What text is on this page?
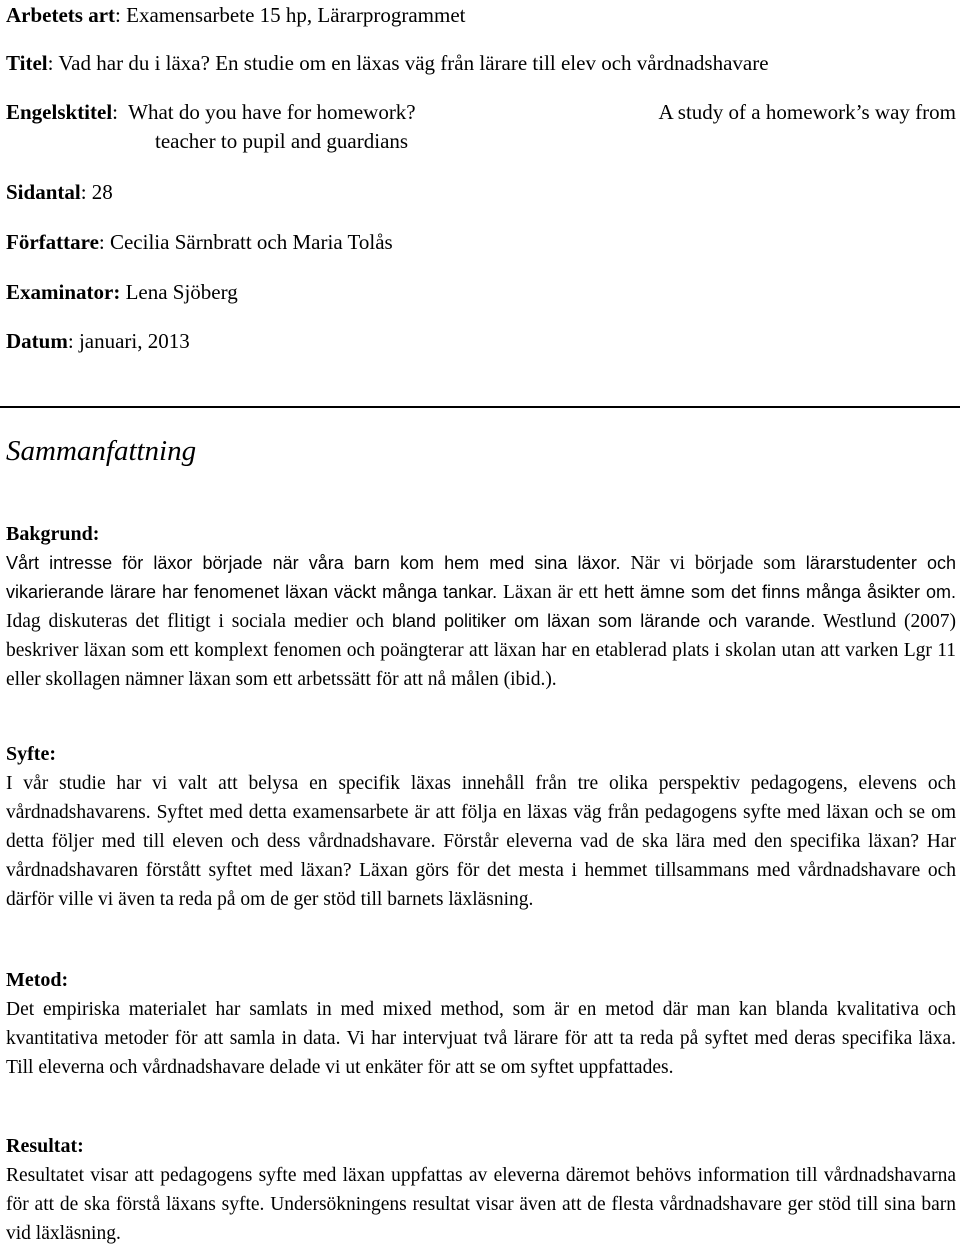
Arbetets art: Examensarbete 15 hp, Lärarprogrammet
Titel: Vad har du i läxa? En studie om en läxas väg från lärare till elev och vårdnadshavare
Engelsktitel:  What do you have for homework?	A study of a homework’s way from
teacher to pupil and guardians
Sidantal: 28
Författare: Cecilia Särnbratt och Maria Tolås
Examinator: Lena Sjöberg
Datum: januari, 2013
Sammanfattning
Bakgrund:

Vårt intresse för läxor började när våra barn kom hem med sina läxor. När vi började som lärarstudenter och vikarierande lärare har fenomenet läxan väckt många tankar. Läxan är ett hett ämne som det finns många åsikter om. Idag diskuteras det flitigt i sociala medier och bland politiker om läxan som lärande och varande. Westlund (2007) beskriver läxan som ett komplext fenomen och poängterar att läxan har en etablerad plats i skolan utan att varken Lgr 11 eller skollagen nämner läxan som ett arbetssätt för att nå målen (ibid.).

Syfte:

I vår studie har vi valt att belysa en specifik läxas innehåll från tre olika perspektiv pedagogens, elevens och vårdnadshavarens. Syftet med detta examensarbete är att följa en läxas väg från pedagogens syfte med läxan och se om detta följer med till eleven och dess vårdnadshavare. Förstår eleverna vad de ska lära med den specifika läxan? Har vårdnadshavaren förstått syftet med läxan? Läxan görs för det mesta i hemmet tillsammans med vårdnadshavare och därför ville vi även ta reda på om de ger stöd till barnets läxläsning.

Metod:

Det empiriska materialet har samlats in med mixed method, som är en metod där man kan blanda kvalitativa och kvantitativa metoder för att samla in data. Vi har intervjuat två lärare för att ta reda på syftet med deras specifika läxa. Till eleverna och vårdnadshavare delade vi ut enkäter för att se om syftet uppfattades.

Resultat:

Resultatet visar att pedagogens syfte med läxan uppfattas av eleverna däremot behövs information till vårdnadshavarna för att de ska förstå läxans syfte. Undersökningens resultat visar även att de flesta vårdnadshavare ger stöd till sina barn vid läxläsning.
